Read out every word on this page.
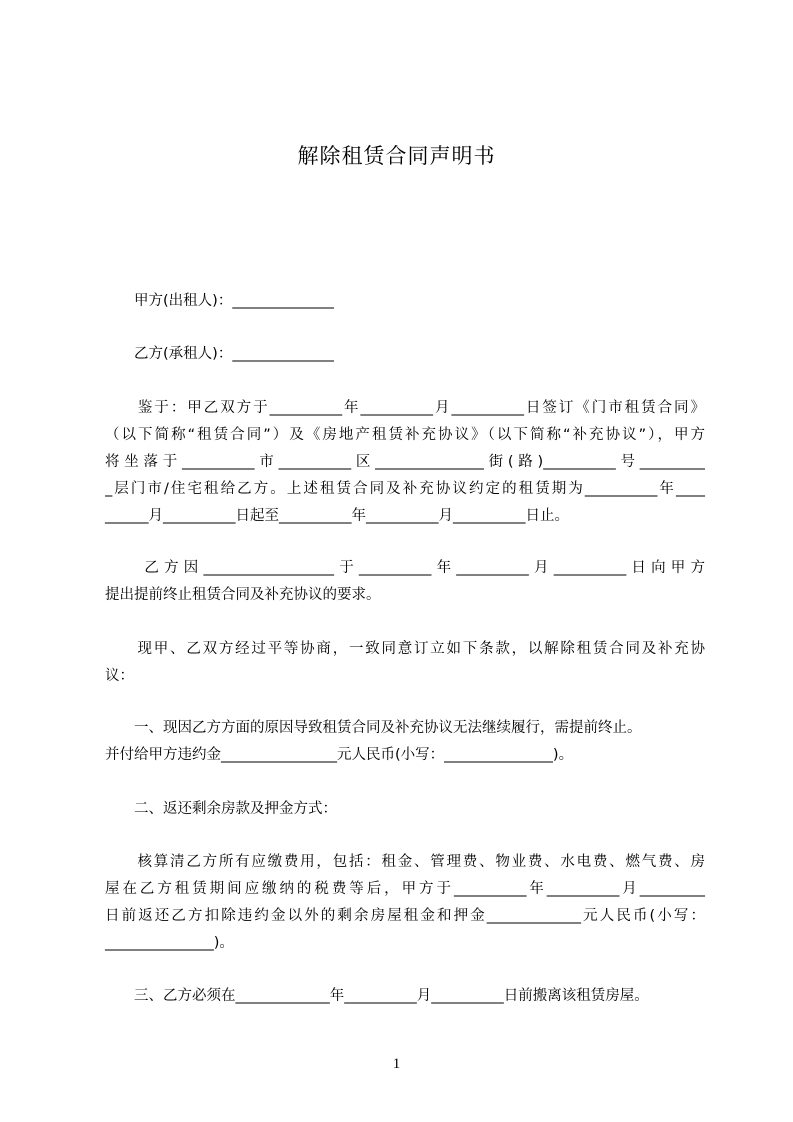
解除租赁合同声明书
　　甲方(出租人)：______________
　　乙方(承租人)：______________
　　鉴于：甲乙双方于__________年__________月__________日签订《门市租赁合同》
（以下简称“租赁合同”）及《房地产租赁补充协议》（以下简称“补充协议”），甲方
将坐落于__________市__________区_______________街(路)__________号_________
_层门市/住宅租给乙方。上述租赁合同及补充协议约定的租赁期为__________年____
______月__________日起至__________年__________月__________日止。
　　乙方因__________________于__________年__________月__________日向甲方
提出提前终止租赁合同及补充协议的要求。
　　现甲、乙双方经过平等协商，一致同意订立如下条款，以解除租赁合同及补充协
议：
　　一、现因乙方方面的原因导致租赁合同及补充协议无法继续履行，需提前终止。
并付给甲方违约金________________元人民币(小写：_______________)。
　　二、返还剩余房款及押金方式：
　　核算清乙方所有应缴费用，包括：租金、管理费、物业费、水电费、燃气费、房
屋在乙方租赁期间应缴纳的税费等后，甲方于__________年__________月_________
日前返还乙方扣除违约金以外的剩余房屋租金和押金_____________元人民币(小写：
_______________)。
　　三、乙方必须在_____________年__________月__________日前搬离该租赁房屋。
1
